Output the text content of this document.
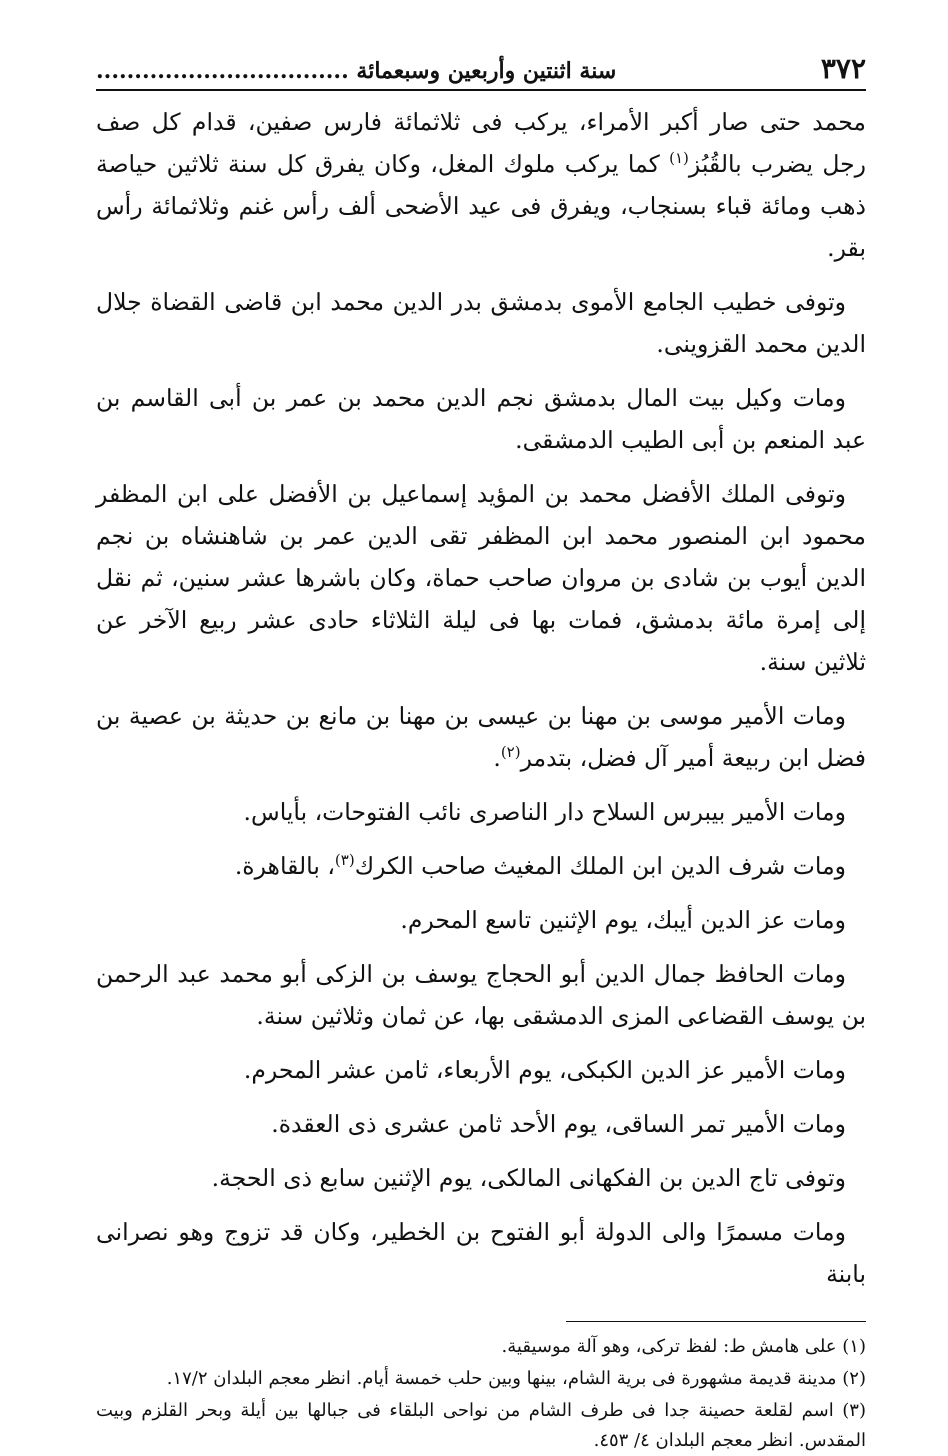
٣٧٢
سنة اثنتين وأربعين وسبعمائة .................................

محمد حتى صار أكبر الأمراء، يركب فى ثلاثمائة فارس صفين، قدام كل صف رجل يضرب بالقُبُز$^{(١)}$ كما يركب ملوك المغل، وكان يفرق كل سنة ثلاثين حياصة ذهب ومائة قباء بسنجاب، ويفرق فى عيد الأضحى ألف رأس غنم وثلاثمائة رأس بقر.

وتوفى خطيب الجامع الأموى بدمشق بدر الدين محمد ابن قاضى القضاة جلال الدين محمد القزوينى.

ومات وكيل بيت المال بدمشق نجم الدين محمد بن عمر بن أبى القاسم بن عبد المنعم بن أبى الطيب الدمشقى.

وتوفى الملك الأفضل محمد بن المؤيد إسماعيل بن الأفضل على ابن المظفر محمود ابن المنصور محمد ابن المظفر تقى الدين عمر بن شاهنشاه بن نجم الدين أيوب بن شادى بن مروان صاحب حماة، وكان باشرها عشر سنين، ثم نقل إلى إمرة مائة بدمشق، فمات بها فى ليلة الثلاثاء حادى عشر ربيع الآخر عن ثلاثين سنة.

ومات الأمير موسى بن مهنا بن عيسى بن مهنا بن مانع بن حديثة بن عصية بن فضل ابن ربيعة أمير آل فضل، بتدمر$^{(٢)}$.

ومات الأمير بيبرس السلاح دار الناصرى نائب الفتوحات، بأياس.

ومات شرف الدين ابن الملك المغيث صاحب الكرك$^{(٣)}$، بالقاهرة.

ومات عز الدين أيبك، يوم الإثنين تاسع المحرم.

ومات الحافظ جمال الدين أبو الحجاج يوسف بن الزكى أبو محمد عبد الرحمن بن يوسف القضاعى المزى الدمشقى بها، عن ثمان وثلاثين سنة.

ومات الأمير عز الدين الكبكى، يوم الأربعاء، ثامن عشر المحرم.

ومات الأمير تمر الساقى، يوم الأحد ثامن عشرى ذى العقدة.

وتوفى تاج الدين بن الفكهانى المالكى، يوم الإثنين سابع ذى الحجة.

ومات مسمرًا والى الدولة أبو الفتوح بن الخطير، وكان قد تزوج وهو نصرانى بابنة

(١) على هامش ط: لفظ تركى، وهو آلة موسيقية.

(٢) مدينة قديمة مشهورة فى برية الشام، بينها وبين حلب خمسة أيام. انظر معجم البلدان ١٧/٢.

(٣) اسم لقلعة حصينة جدا فى طرف الشام من نواحى البلقاء فى جبالها بين أيلة وبحر القلزم وبيت المقدس. انظر معجم البلدان ٤/ ٤٥٣.
